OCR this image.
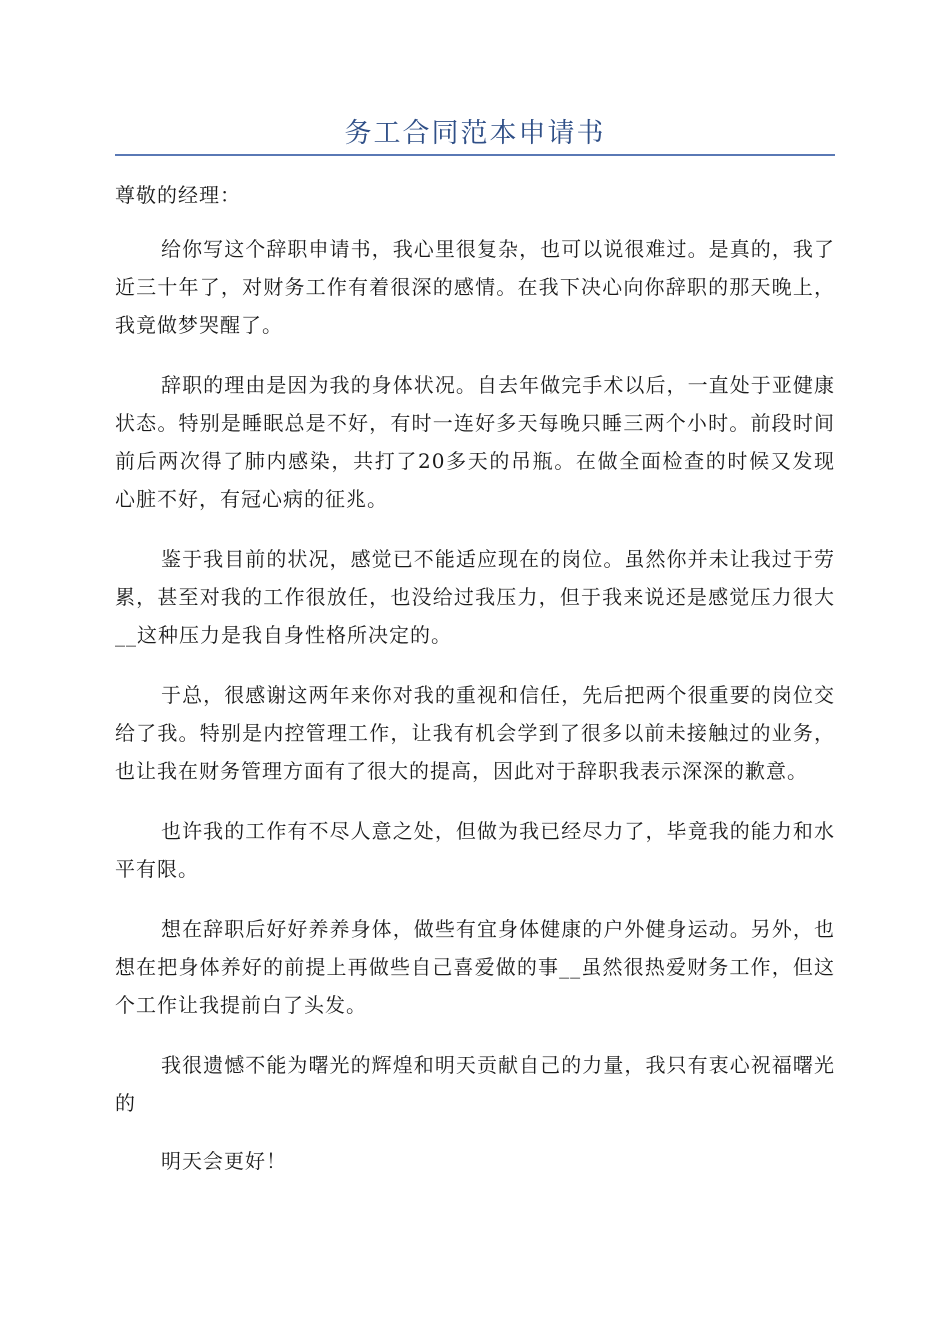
务工合同范本申请书

尊敬的经理：

给你写这个辞职申请书，我心里很复杂，也可以说很难过。是真的，我了近三十年了，对财务工作有着很深的感情。在我下决心向你辞职的那天晚上，我竟做梦哭醒了。

辞职的理由是因为我的身体状况。自去年做完手术以后，一直处于亚健康状态。特别是睡眠总是不好，有时一连好多天每晚只睡三两个小时。前段时间前后两次得了肺内感染，共打了20多天的吊瓶。在做全面检查的时候又发现心脏不好，有冠心病的征兆。

鉴于我目前的状况，感觉已不能适应现在的岗位。虽然你并未让我过于劳累，甚至对我的工作很放任，也没给过我压力，但于我来说还是感觉压力很大__这种压力是我自身性格所决定的。

于总，很感谢这两年来你对我的重视和信任，先后把两个很重要的岗位交给了我。特别是内控管理工作，让我有机会学到了很多以前未接触过的业务，也让我在财务管理方面有了很大的提高，因此对于辞职我表示深深的歉意。

也许我的工作有不尽人意之处，但做为我已经尽力了，毕竟我的能力和水平有限。

想在辞职后好好养养身体，做些有宜身体健康的户外健身运动。另外，也想在把身体养好的前提上再做些自己喜爱做的事__虽然很热爱财务工作，但这个工作让我提前白了头发。

我很遗憾不能为曙光的辉煌和明天贡献自己的力量，我只有衷心祝福曙光的

明天会更好！
